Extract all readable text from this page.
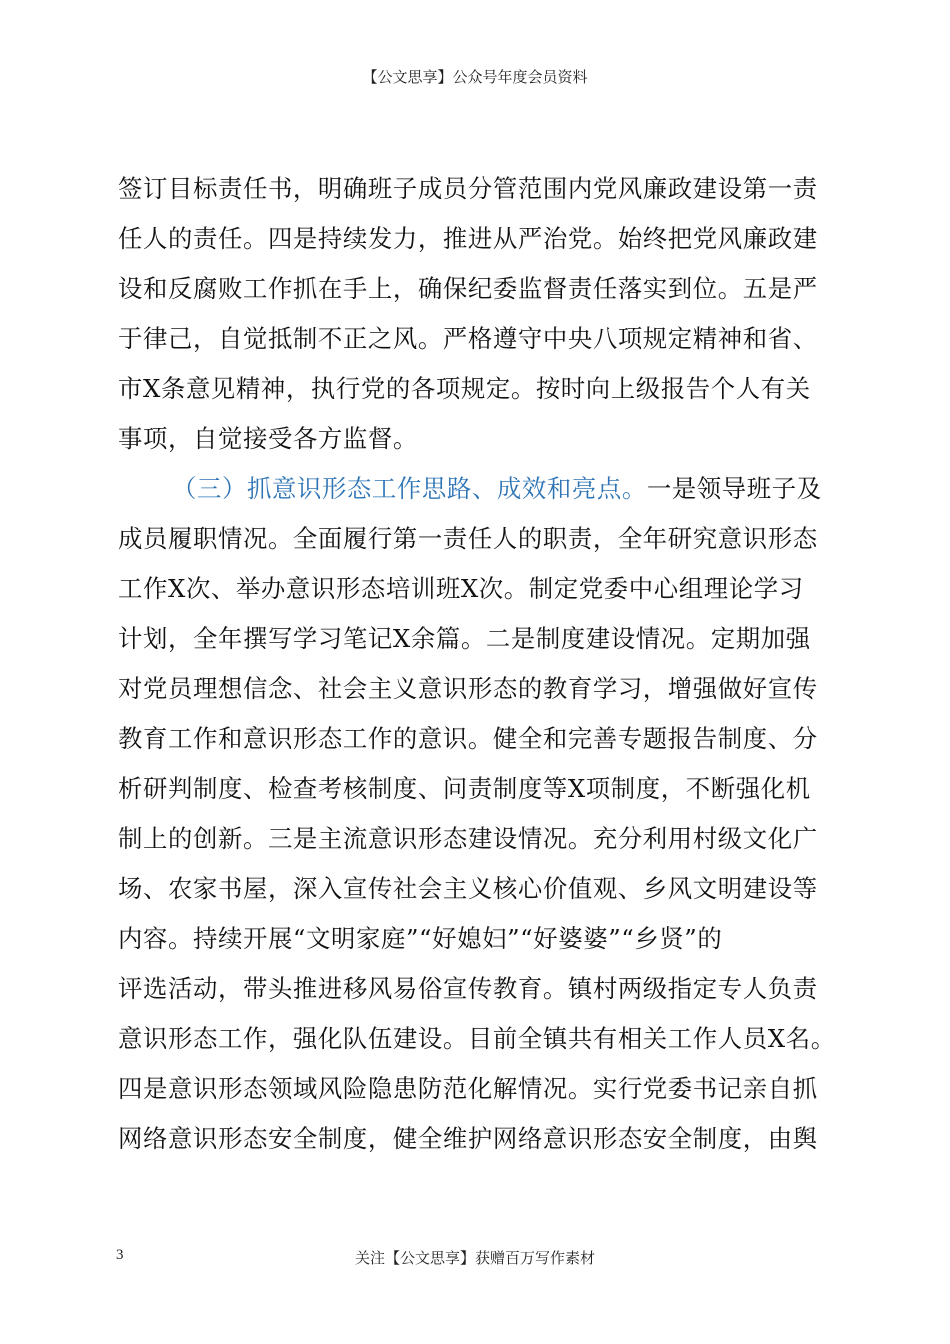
【公文思享】公众号年度会员资料
签订目标责任书，明确班子成员分管范围内党风廉政建设第一责
任人的责任。四是持续发力，推进从严治党。始终把党风廉政建
设和反腐败工作抓在手上，确保纪委监督责任落实到位。五是严
于律己，自觉抵制不正之风。严格遵守中央八项规定精神和省、
市X条意见精神，执行党的各项规定。按时向上级报告个人有关
事项，自觉接受各方监督。
（三）抓意识形态工作思路、成效和亮点。一是领导班子及
成员履职情况。全面履行第一责任人的职责，全年研究意识形态
工作X次、举办意识形态培训班X次。制定党委中心组理论学习
计划，全年撰写学习笔记X余篇。二是制度建设情况。定期加强
对党员理想信念、社会主义意识形态的教育学习，增强做好宣传
教育工作和意识形态工作的意识。健全和完善专题报告制度、分
析研判制度、检查考核制度、问责制度等X项制度，不断强化机
制上的创新。三是主流意识形态建设情况。充分利用村级文化广
场、农家书屋，深入宣传社会主义核心价值观、乡风文明建设等
内容。持续开展“文明家庭”“好媳妇”“好婆婆”“乡贤”的
评选活动，带头推进移风易俗宣传教育。镇村两级指定专人负责
意识形态工作，强化队伍建设。目前全镇共有相关工作人员X名。
四是意识形态领域风险隐患防范化解情况。实行党委书记亲自抓
网络意识形态安全制度，健全维护网络意识形态安全制度，由舆
3	关注【公文思享】获赠百万写作素材
